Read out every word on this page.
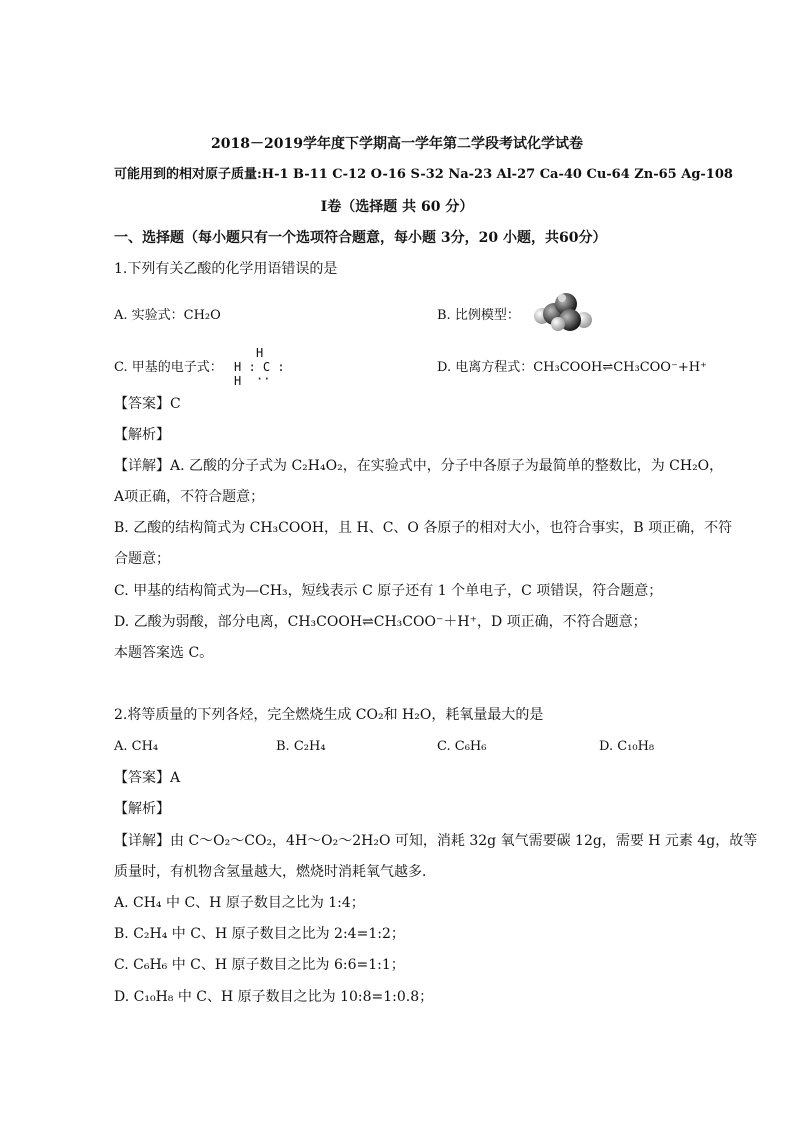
2018－2019学年度下学期高一学年第二学段考试化学试卷
可能用到的相对原子质量:H-1 B-11 C-12 O-16 S-32 Na-23 Al-27 Ca-40 Cu-64 Zn-65 Ag-108
Ⅰ卷（选择题 共 60 分）
一、选择题（每小题只有一个选项符合题意，每小题 3分，20 小题，共60分）
1.下列有关乙酸的化学用语错误的是
A. 实验式：CH₂O	B. 比例模型：
C. 甲基的电子式：
H
H : C : H	··
D. 电离方程式：CH₃COOH⇌CH₃COO⁻+H⁺
【答案】C
【解析】
【详解】A. 乙酸的分子式为 C₂H₄O₂，在实验式中，分子中各原子为最简单的整数比，为 CH₂O，
A项正确，不符合题意；
B. 乙酸的结构简式为 CH₃COOH，且 H、C、O 各原子的相对大小，也符合事实，B 项正确，不符
合题意；
C. 甲基的结构简式为—CH₃，短线表示 C 原子还有 1 个单电子，C 项错误，符合题意；
D. 乙酸为弱酸，部分电离，CH₃COOH⇌CH₃COO⁻＋H⁺，D 项正确，不符合题意；
本题答案选 C。
2.将等质量的下列各烃，完全燃烧生成 CO₂和 H₂O，耗氧量最大的是
A. CH₄	B. C₂H₄	C. C₆H₆	D. C₁₀H₈
【答案】A
【解析】
【详解】由 C～O₂～CO₂，4H～O₂～2H₂O 可知，消耗 32g 氧气需要碳 12g，需要 H 元素 4g，故等
质量时，有机物含氢量越大，燃烧时消耗氧气越多．
A. CH₄ 中 C、H 原子数目之比为 1:4；
B. C₂H₄ 中 C、H 原子数目之比为 2:4=1:2；
C. C₆H₆ 中 C、H 原子数目之比为 6:6=1:1；
D. C₁₀H₈ 中 C、H 原子数目之比为 10:8=1:0.8；
